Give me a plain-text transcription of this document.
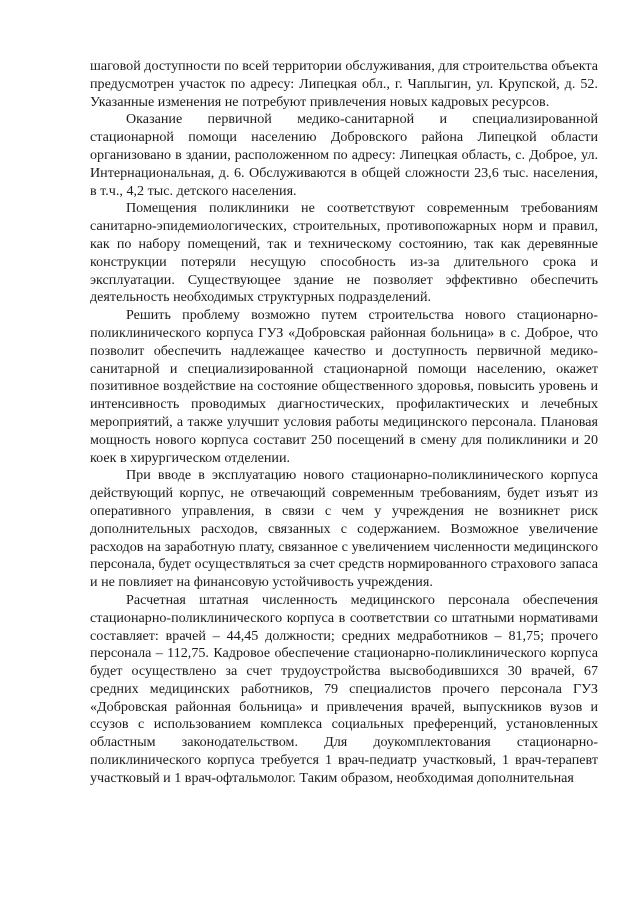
шаговой доступности по всей территории обслуживания, для строительства объекта предусмотрен участок по адресу: Липецкая обл., г. Чаплыгин, ул. Крупской, д. 52. Указанные изменения не потребуют привлечения новых кадровых ресурсов.

Оказание первичной медико-санитарной и специализированной стационарной помощи населению Добровского района Липецкой области организовано в здании, расположенном по адресу: Липецкая область, с. Доброе, ул. Интернациональная, д. 6. Обслуживаются в общей сложности 23,6 тыс. населения, в т.ч., 4,2 тыс. детского населения.

Помещения поликлиники не соответствуют современным требованиям санитарно-эпидемиологических, строительных, противопожарных норм и правил, как по набору помещений, так и техническому состоянию, так как деревянные конструкции потеряли несущую способность из-за длительного срока и эксплуатации. Существующее здание не позволяет эффективно обеспечить деятельность необходимых структурных подразделений.

Решить проблему возможно путем строительства нового стационарно-поликлинического корпуса ГУЗ «Добровская районная больница» в с. Доброе, что позволит обеспечить надлежащее качество и доступность первичной медико-санитарной и специализированной стационарной помощи населению, окажет позитивное воздействие на состояние общественного здоровья, повысить уровень и интенсивность проводимых диагностических, профилактических и лечебных мероприятий, а также улучшит условия работы медицинского персонала. Плановая мощность нового корпуса составит 250 посещений в смену для поликлиники и 20 коек в хирургическом отделении.

При вводе в эксплуатацию нового стационарно-поликлинического корпуса действующий корпус, не отвечающий современным требованиям, будет изъят из оперативного управления, в связи с чем у учреждения не возникнет риск дополнительных расходов, связанных с содержанием. Возможное увеличение расходов на заработную плату, связанное с увеличением численности медицинского персонала, будет осуществляться за счет средств нормированного страхового запаса и не повлияет на финансовую устойчивость учреждения.

Расчетная штатная численность медицинского персонала обеспечения стационарно-поликлинического корпуса в соответствии со штатными нормативами составляет: врачей – 44,45 должности; средних медработников – 81,75; прочего персонала – 112,75. Кадровое обеспечение стационарно-поликлинического корпуса будет осуществлено за счет трудоустройства высвободившихся 30 врачей, 67 средних медицинских работников, 79 специалистов прочего персонала ГУЗ «Добровская районная больница» и привлечения врачей, выпускников вузов и ссузов с использованием комплекса социальных преференций, установленных областным законодательством. Для доукомплектования стационарно-поликлинического корпуса требуется 1 врач-педиатр участковый, 1 врач-терапевт участковый и 1 врач-офтальмолог. Таким образом, необходимая дополнительная
